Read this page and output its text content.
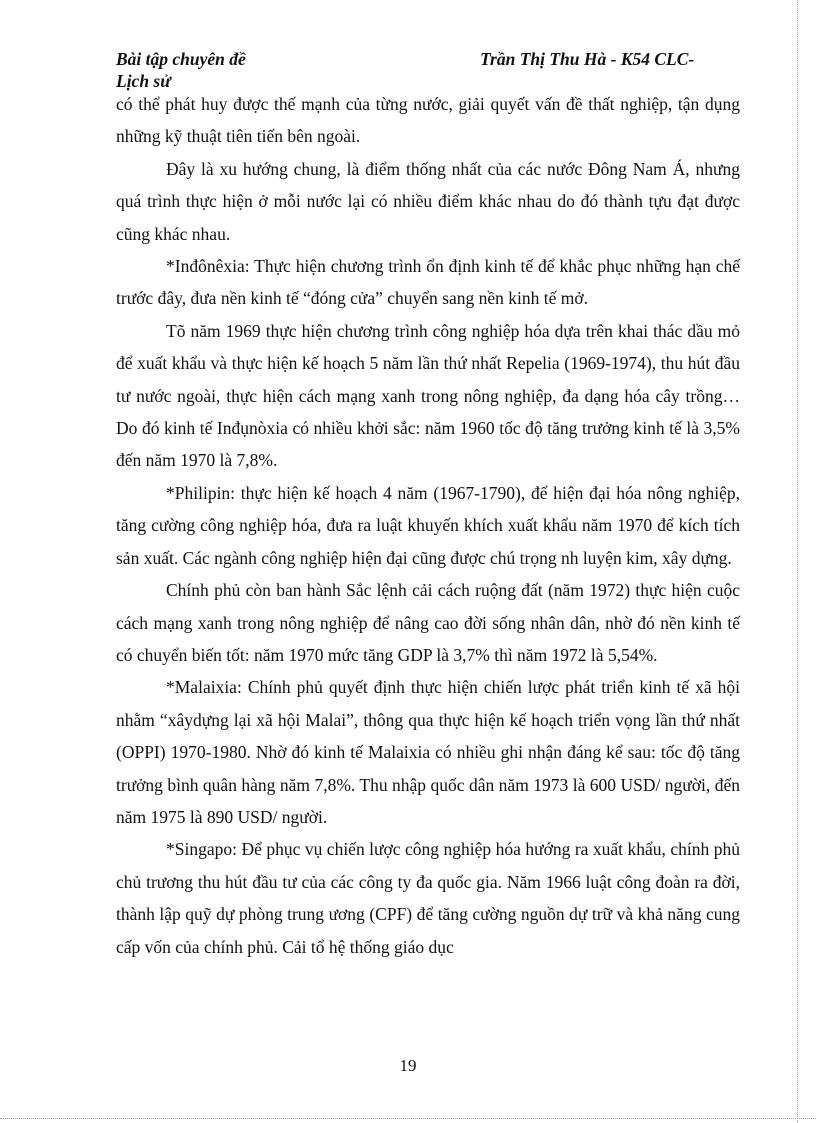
Bài tập chuyên đề	Trần Thị Thu Hà - K54 CLC-
Lịch sử

có thể phát huy được thế mạnh của từng nước, giải quyết vấn đề thất nghiệp, tận dụng những kỹ thuật tiên tiến bên ngoài.

Đây là xu hướng chung, là điểm thống nhất của các nước Đông Nam Á, nhưng quá trình thực hiện ở mỗi nước lại có nhiều điểm khác nhau do đó thành tựu đạt được cũng khác nhau.

*Inđônêxia: Thực hiện chương trình ổn định kinh tế để khắc phục những hạn chế trước đây, đưa nền kinh tế “đóng cửa” chuyển sang nền kinh tế mở.

Tõ năm 1969 thực hiện chương trình công nghiệp hóa dựa trên khai thác dầu mỏ để xuất khẩu và thực hiện kế hoạch 5 năm lần thứ nhất Repelia (1969-1974), thu hút đầu tư nước ngoài, thực hiện cách mạng xanh trong nông nghiệp, đa dạng hóa cây trồng…Do đó kinh tế Inđụnòxia có nhiều khởi sắc: năm 1960 tốc độ tăng trưởng kinh tế là 3,5% đến năm 1970 là 7,8%.

*Philipin: thực hiện kế hoạch 4 năm (1967-1790), để hiện đại hóa nông nghiệp, tăng cường công nghiệp hóa, đưa ra luật khuyến khích xuất khẩu năm 1970 để kích tích sản xuất. Các ngành công nghiệp hiện đại cũng được chú trọng nh luyện kim, xây dựng.

Chính phủ còn ban hành Sắc lệnh cải cách ruộng đất (năm 1972) thực hiện cuộc cách mạng xanh trong nông nghiệp để nâng cao đời sống nhân dân, nhờ đó nền kinh tế có chuyển biến tốt: năm 1970 mức tăng GDP là 3,7% thì năm 1972 là 5,54%.

*Malaixia: Chính phủ quyết định thực hiện chiến lược phát triển kinh tế xã hội nhằm “xâydựng lại xã hội Malai”, thông qua thực hiện kế hoạch triển vọng lần thứ nhất (OPPI) 1970-1980. Nhờ đó kinh tế Malaixia có nhiều ghi nhận đáng kể sau: tốc độ tăng trưởng bình quân hàng năm 7,8%. Thu nhập quốc dân năm 1973 là 600 USD/ người, đến năm 1975 là 890 USD/ người.

*Singapo: Để phục vụ chiến lược công nghiệp hóa hướng ra xuất khẩu, chính phủ chủ trương thu hút đầu tư của các công ty đa quốc gia. Năm 1966 luật công đoàn ra đời, thành lập quỹ dự phòng trung ương (CPF) để tăng cường nguồn dự trữ và khả năng cung cấp vốn của chính phủ. Cải tổ hệ thống giáo dục

19
